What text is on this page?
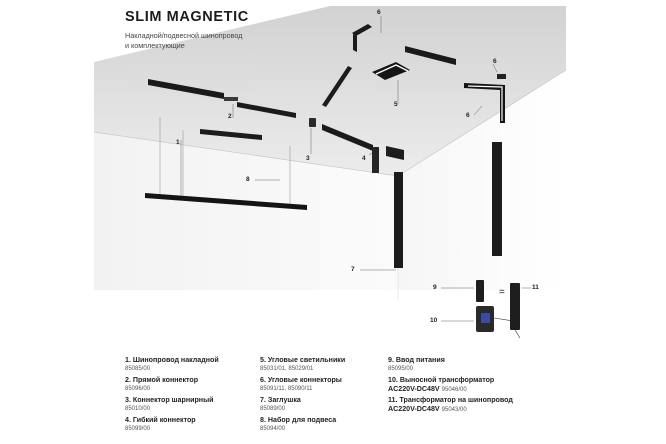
SLIM MAGNETIC
Накладной/подвесной шинопровод
и комплектующие
1
2
3	4
5
6
6
6
7
8
9
10
11
=
1. Шинопровод накладной
85085/00
2. Прямой коннектор
85096/00
3. Коннектор шарнирный
85010/00
4. Гибкий коннектор
85099/00
5. Угловые светильники
85031/01, 85029/01
6. Угловые коннекторы
85091/11, 85090/11
7. Заглушка
85089/00
8. Набор для подвеса
85094/00
9. Ввод питания
85095/00
10. Выносной трансформатор
AC220V-DC48V 95046/00
11. Трансформатор на шинопровод
AC220V-DC48V 95043/00
